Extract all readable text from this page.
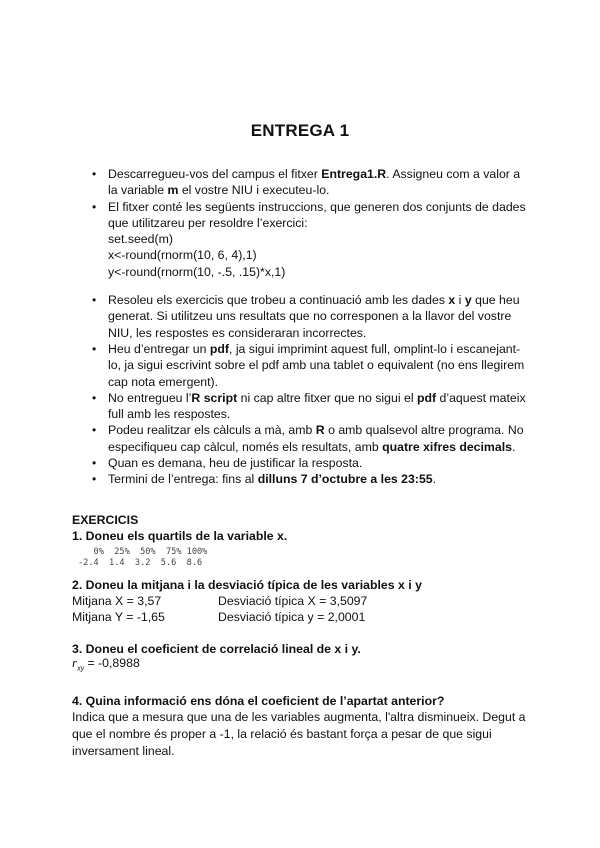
ENTREGA 1
• Descarregueu-vos del campus el fitxer Entrega1.R. Assigneu com a valor a la variable m el vostre NIU i executeu-lo.
• El fitxer conté les següents instruccions, que generen dos conjunts de dades que utilitzareu per resoldre l’exercici:
set.seed(m)
x<-round(rnorm(10, 6, 4),1)
y<-round(rnorm(10, -.5, .15)*x,1)
• Resoleu els exercicis que trobeu a continuació amb les dades x i y que heu generat. Si utilitzeu uns resultats que no corresponen a la llavor del vostre NIU, les respostes es consideraran incorrectes.
• Heu d’entregar un pdf, ja sigui imprimint aquest full, omplint-lo i escanejant-lo, ja sigui escrivint sobre el pdf amb una tablet o equivalent (no ens llegirem cap nota emergent).
• No entregueu l’R script ni cap altre fitxer que no sigui el pdf d’aquest mateix full amb les respostes.
• Podeu realitzar els càlculs a mà, amb R o amb qualsevol altre programa. No especifiqueu cap càlcul, només els resultats, amb quatre xifres decimals.
• Quan es demana, heu de justificar la resposta.
• Termini de l’entrega: fins al dilluns 7 d’octubre a les 23:55.
EXERCICIS
1. Doneu els quartils de la variable x.
0%  25%  50%  75% 100%
-2.4  1.4  3.2  5.6  8.6
2. Doneu la mitjana i la desviació típica de les variables x i y
Mitjana X = 3,57	Desviació típica X = 3,5097
Mitjana Y = -1,65	Desviació típica y = 2,0001
3. Doneu el coeficient de correlació lineal de x i y.
$r_{xy} = -0,8988$
4. Quina informació ens dóna el coeficient de l’apartat anterior?
Indica que a mesura que una de les variables augmenta, l'altra disminueix. Degut a que el nombre és proper a -1, la relació és bastant força a pesar de que sigui inversament lineal.
